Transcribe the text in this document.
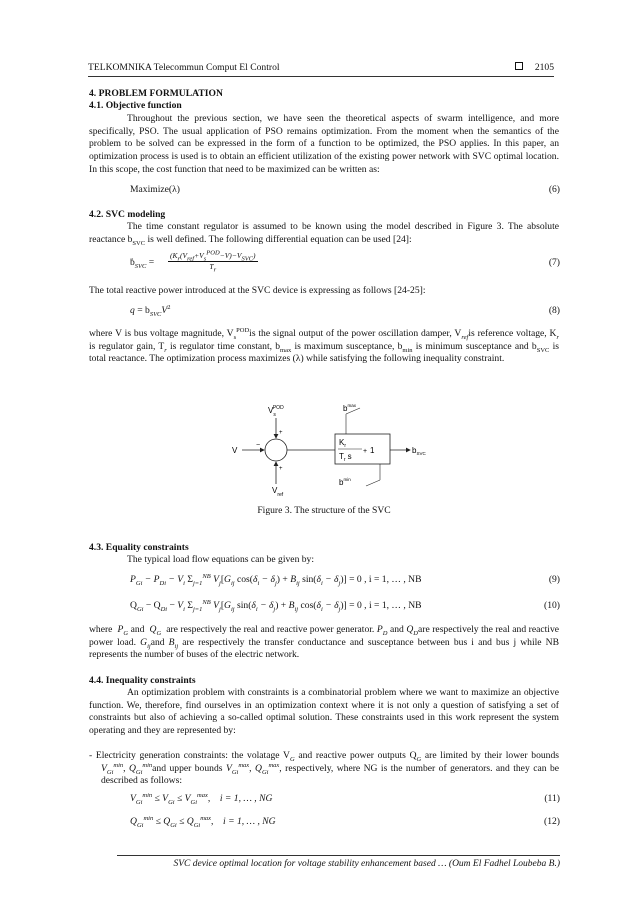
TELKOMNIKA Telecommun Comput El Control	2105
4. PROBLEM FORMULATION
4.1. Objective function
Throughout the previous section, we have seen the theoretical aspects of swarm intelligence, and more specifically, PSO. The usual application of PSO remains optimization. From the moment when the semantics of the problem to be solved can be expressed in the form of a function to be optimized, the PSO applies. In this paper, an optimization process is used is to obtain an efficient utilization of the existing power network with SVC optimal location. In this scope, the cost function that need to be maximized can be written as:
Maximize(λ)	(6)
4.2. SVC modeling
The time constant regulator is assumed to be known using the model described in Figure 3. The absolute reactance $b_{SVC}$ is well defined. The following differential equation can be used [24]:
ḃ$_{SVC}$ =
$(K_r(V_{ref}+V_s^{POD}-V)-V_{SVC})$
$T_r$
(7)
The total reactive power introduced at the SVC device is expressing as follows [24-25]:
$q = b_{SVC}V^2$	(8)
where V is bus voltage magnitude, $V_s^{POD}is$ the signal output of the power oscillation damper, $V_{ref}is$ reference voltage, $K_r$ is regulator gain, $T_r$ is regulator time constant, $b_{max}$ is maximum susceptance, $b_{min}$ is minimum susceptance and $b_{SVC}$ is total reactance. The optimization process maximizes (λ) while satisfying the following inequality constraint.
$V_sPOD$
+
V
−
+
$V_{ref}$
$K_r$
$T_r$ s
+ 1
$b^{max}$
$b^{min}$
$b_{SVC}$
Figure 3. The structure of the SVC
4.3. Equality constraints
The typical load flow equations can be given by:
$P_{Gi} - P_{Di} - V_i$ $\Sigma_{j=1}^{NB}$ $V_j[G_{ij}$ $\cos(\delta_i - \delta_j) + B_{ij}$ $\sin(\delta_i - \delta_j)] = 0$ , i = 1, … , NB	(9)
$Q_{Gi} - Q_{Di} - V_i$ $\Sigma_{j=1}^{NB}$ $V_j[G_{ij}$ $\sin(\delta_i - \delta_j) + B_{ij}$ $\cos(\delta_i - \delta_j)] = 0$ , i = 1, … , NB	(10)
where  $P_G$ and  $Q_G$ are respectively the real and reactive power generator. $P_D$ and $Q_Dare$ respectively the real and reactive power load. $G_{ij}and$ $B_{ij}$ are respectively the transfer conductance and susceptance between bus i and bus j while NB represents the number of buses of the electric network.
4.4. Inequality constraints
An optimization problem with constraints is a combinatorial problem where we want to maximize an objective function. We, therefore, find ourselves in an optimization context where it is not only a question of satisfying a set of constraints but also of achieving a so-called optimal solution. These constraints used in this work represent the system operating and they are represented by:
- Electricity generation constraints: the volatage $V_G$ and reactive power outputs $Q_G$ are limited by their lower bounds $V_{Gi}^{min}$, $Q_{Gi}^{min}and$ upper bounds $V_{Gi}^{max}$, $Q_{Gi}^{max}$, respectively, where NG is the number of generators. and they can be described as follows:
$V_{Gi}^{min} \le V_{Gi} \le V_{Gi}^{max}$,    i = 1, … , NG	(11)
$Q_{Gi}^{min} \le Q_{Gi} \le Q_{Gi}^{max}$,    i = 1, … , NG	(12)
SVC device optimal location for voltage stability enhancement based … (Oum El Fadhel Loubeba B.)
